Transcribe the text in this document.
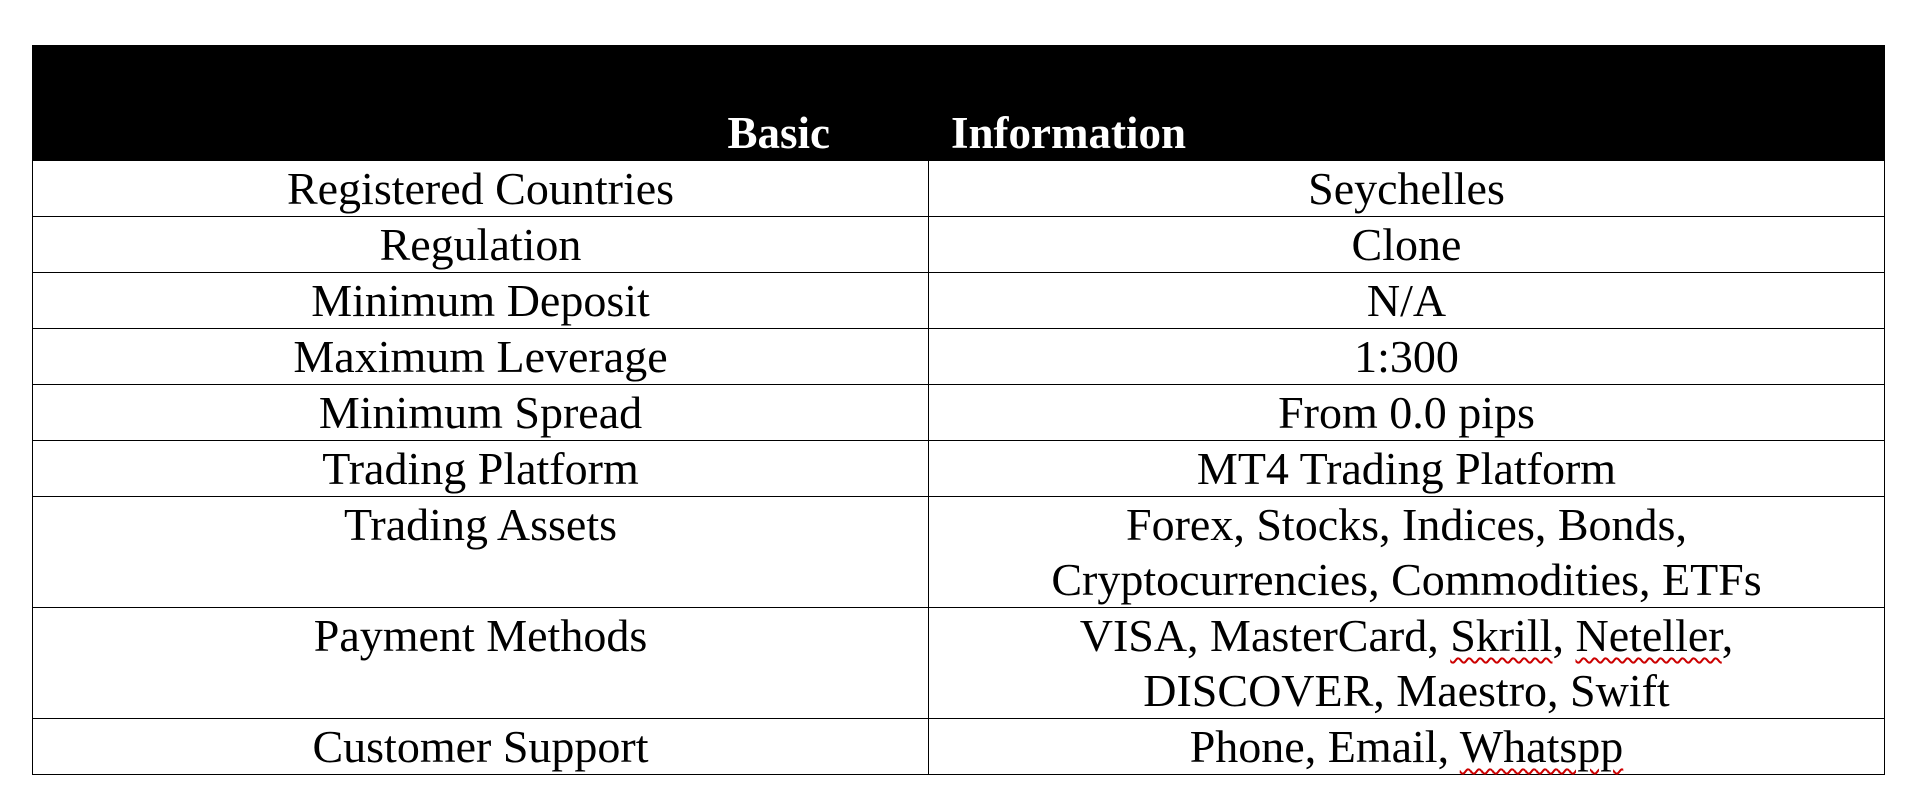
Basic	Information
Registered Countries	Seychelles
Regulation	Clone
Minimum Deposit	N/A
Maximum Leverage	1:300
Minimum Spread	From 0.0 pips
Trading Platform	MT4 Trading Platform
Trading Assets	Forex, Stocks, Indices, Bonds,
Cryptocurrencies, Commodities, ETFs

Payment Methods	VISA, MasterCard, Skrill, Neteller,
DISCOVER, Maestro, Swift

Customer Support	Phone, Email, Whatspp
